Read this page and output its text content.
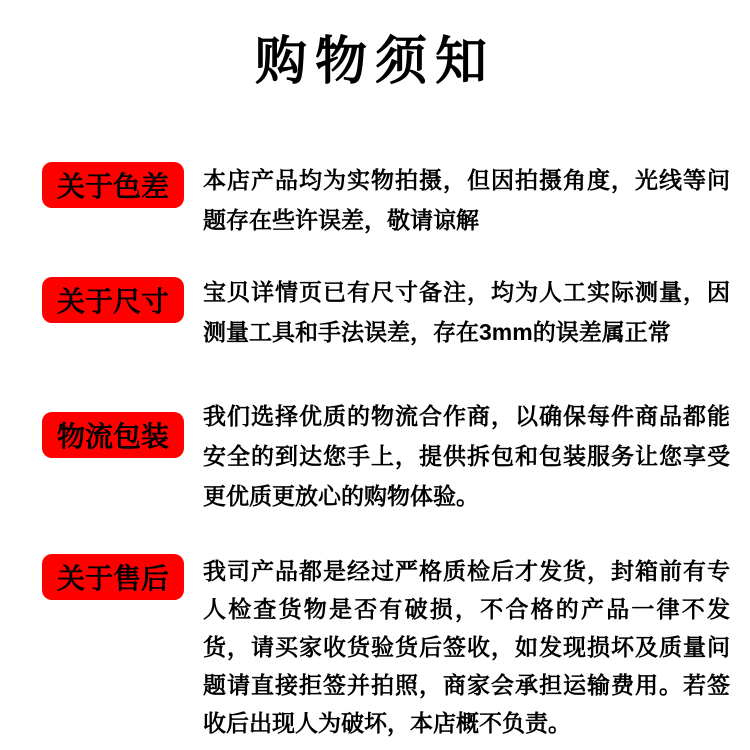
购物须知
关于色差	本店产品均为实物拍摄，但因拍摄角度，光线等问题存在些许误差，敬请谅解
关于尺寸	宝贝详情页已有尺寸备注，均为人工实际测量，因测量工具和手法误差，存在3mm的误差属正常
物流包装
我们选择优质的物流合作商，以确保每件商品都能安全的到达您手上，提供拆包和包装服务让您享受更优质更放心的购物体验。
关于售后	我司产品都是经过严格质检后才发货，封箱前有专人检查货物是否有破损，不合格的产品一律不发货，请买家收货验货后签收，如发现损坏及质量问题请直接拒签并拍照，商家会承担运输费用。若签收后出现人为破坏，本店概不负责。
